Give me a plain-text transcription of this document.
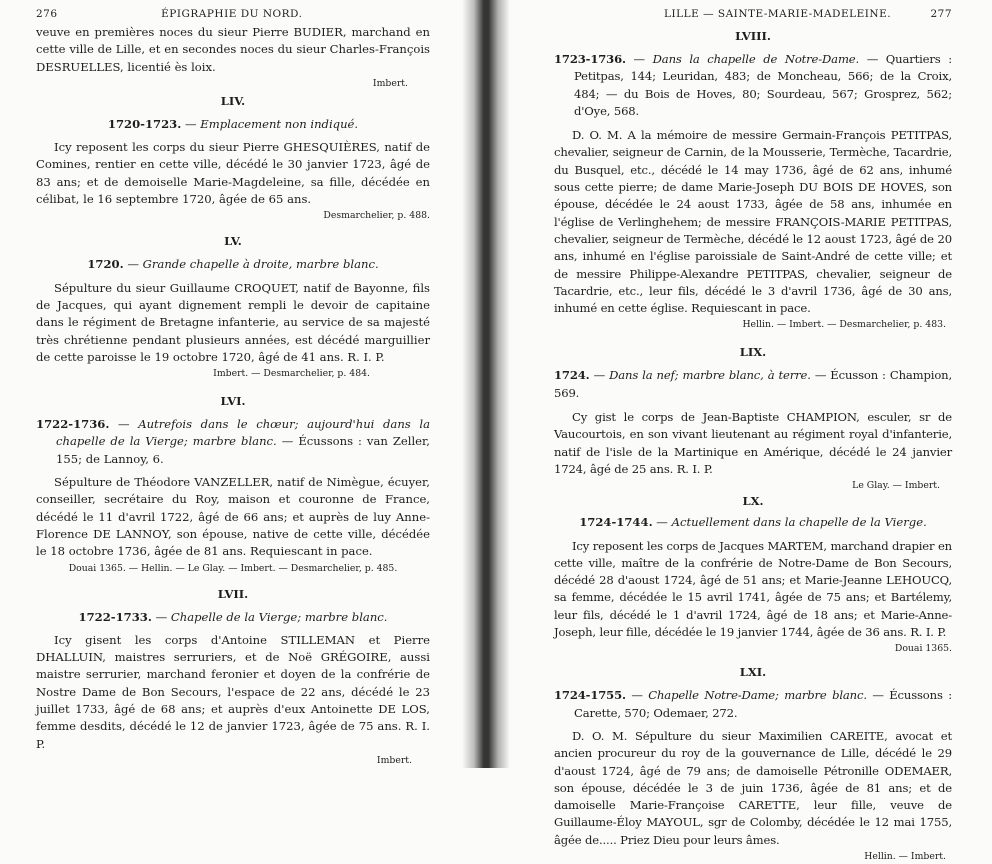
276	ÉPIGRAPHIE DU NORD.

veuve en premières noces du sieur Pierre BUDIER, marchand en cette ville de Lille, et en secondes noces du sieur Charles-François DESRUELLES, licentié ès loix.

Imbert.

LIV.

1720-1723. — Emplacement non indiqué.

Icy reposent les corps du sieur Pierre GHESQUIÈRES, natif de Comines, rentier en cette ville, décédé le 30 janvier 1723, âgé de 83 ans; et de demoiselle Marie-Magdeleine, sa fille, décédée en célibat, le 16 septembre 1720, âgée de 65 ans.

Desmarchelier, p. 488.

LV.

1720. — Grande chapelle à droite, marbre blanc.

Sépulture du sieur Guillaume CROQUET, natif de Bayonne, fils de Jacques, qui ayant dignement rempli le devoir de capitaine dans le régiment de Bretagne infanterie, au service de sa majesté très chrétienne pendant plusieurs années, est décédé marguillier de cette paroisse le 19 octobre 1720, âgé de 41 ans. R. I. P.

Imbert. — Desmarchelier, p. 484.

LVI.

1722-1736. — Autrefois dans le chœur; aujourd'hui dans la chapelle de la Vierge; marbre blanc. — Écussons : van Zeller, 155; de Lannoy, 6.

Sépulture de Théodore VANZELLER, natif de Nimègue, écuyer, conseiller, secrétaire du Roy, maison et couronne de France, décédé le 11 d'avril 1722, âgé de 66 ans; et auprès de luy Anne-Florence DE LANNOY, son épouse, native de cette ville, décédée le 18 octobre 1736, âgée de 81 ans. Requiescant in pace.

Douai 1365. — Hellin. — Le Glay. — Imbert. — Desmarchelier, p. 485.

LVII.

1722-1733. — Chapelle de la Vierge; marbre blanc.

Icy gisent les corps d'Antoine STILLEMAN et Pierre DHALLUIN, maistres serruriers, et de Noë GRÉGOIRE, aussi maistre serrurier, marchand feronier et doyen de la confrérie de Nostre Dame de Bon Secours, l'espace de 22 ans, décédé le 23 juillet 1733, âgé de 68 ans; et auprès d'eux Antoinette DE LOS, femme desdits, décédé le 12 de janvier 1723, âgée de 75 ans. R. I. P.

Imbert.

LILLE — SAINTE-MARIE-MADELEINE.	277
LVIII.

1723-1736. — Dans la chapelle de Notre-Dame. — Quartiers : Petitpas, 144; Leuridan, 483; de Moncheau, 566; de la Croix, 484; — du Bois de Hoves, 80; Sourdeau, 567; Grosprez, 562; d'Oye, 568.

D. O. M. A la mémoire de messire Germain-François PETITPAS, chevalier, seigneur de Carnin, de la Mousserie, Termèche, Tacardrie, du Busquel, etc., décédé le 14 may 1736, âgé de 62 ans, inhumé sous cette pierre; de dame Marie-Joseph DU BOIS DE HOVES, son épouse, décédée le 24 aoust 1733, âgée de 58 ans, inhumée en l'église de Verlinghehem; de messire FRANÇOIS-MARIE PETITPAS, chevalier, seigneur de Termèche, décédé le 12 aoust 1723, âgé de 20 ans, inhumé en l'église paroissiale de Saint-André de cette ville; et de messire Philippe-Alexandre PETITPAS, chevalier, seigneur de Tacardrie, etc., leur fils, décédé le 3 d'avril 1736, âgé de 30 ans, inhumé en cette église. Requiescant in pace.

Hellin. — Imbert. — Desmarchelier, p. 483.

LIX.

1724. — Dans la nef; marbre blanc, à terre. — Écusson : Champion, 569.

Cy gist le corps de Jean-Baptiste CHAMPION, esculer, sr de Vaucourtois, en son vivant lieutenant au régiment royal d'infanterie, natif de l'isle de la Martinique en Amérique, décédé le 24 janvier 1724, âgé de 25 ans. R. I. P.

Le Glay. — Imbert.

LX.

1724-1744. — Actuellement dans la chapelle de la Vierge.

Icy reposent les corps de Jacques MARTEM, marchand drapier en cette ville, maître de la confrérie de Notre-Dame de Bon Secours, décédé 28 d'aoust 1724, âgé de 51 ans; et Marie-Jeanne LEHOUCQ, sa femme, décédée le 15 avril 1741, âgée de 75 ans; et Bartélemy, leur fils, décédé le 1 d'avril 1724, âgé de 18 ans; et Marie-Anne-Joseph, leur fille, décédée le 19 janvier 1744, âgée de 36 ans. R. I. P.

Douai 1365.

LXI.

1724-1755. — Chapelle Notre-Dame; marbre blanc. — Écussons : Carette, 570; Odemaer, 272.

D. O. M. Sépulture du sieur Maximilien CAREITE, avocat et ancien procureur du roy de la gouvernance de Lille, décédé le 29 d'aoust 1724, âgé de 79 ans; de damoiselle Pétronille ODEMAER, son épouse, décédée le 3 de juin 1736, âgée de 81 ans; et de damoiselle Marie-Françoise CARETTE, leur fille, veuve de Guillaume-Éloy MAYOUL, sgr de Colomby, décédée le 12 mai 1755, âgée de..... Priez Dieu pour leurs âmes.

Hellin. — Imbert.
